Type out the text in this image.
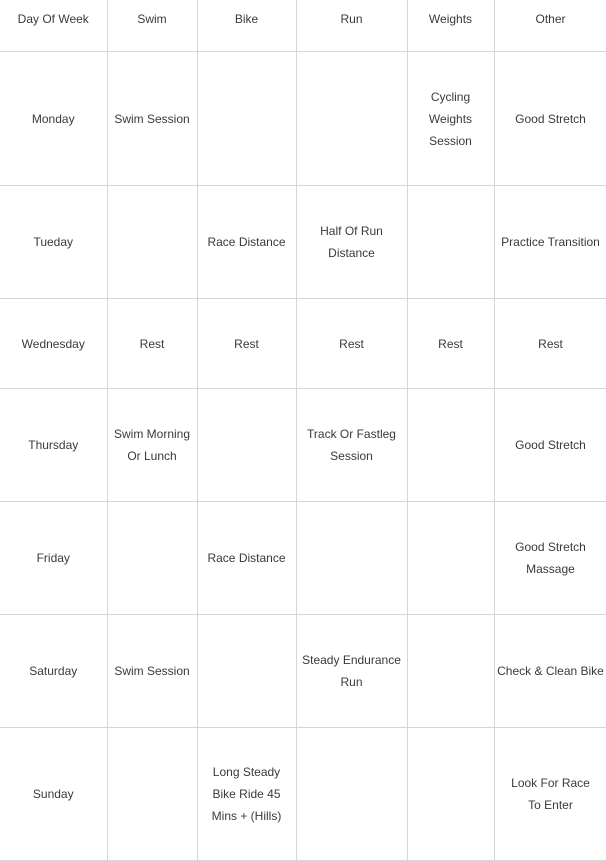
Day Of Week	Swim	Bike	Run	Weights	Other
Monday	Swim Session			Cycling Weights Session	Good Stretch
Tueday		Race Distance	Half Of Run Distance		Practice Transition
Wednesday	Rest	Rest	Rest	Rest	Rest
Thursday	Swim Morning Or Lunch		Track Or Fastleg Session		Good Stretch
Friday		Race Distance			Good Stretch Massage
Saturday	Swim Session		Steady Endurance Run		Check & Clean Bike
Sunday		Long Steady Bike Ride 45 Mins + (Hills)			Look For Race To Enter
